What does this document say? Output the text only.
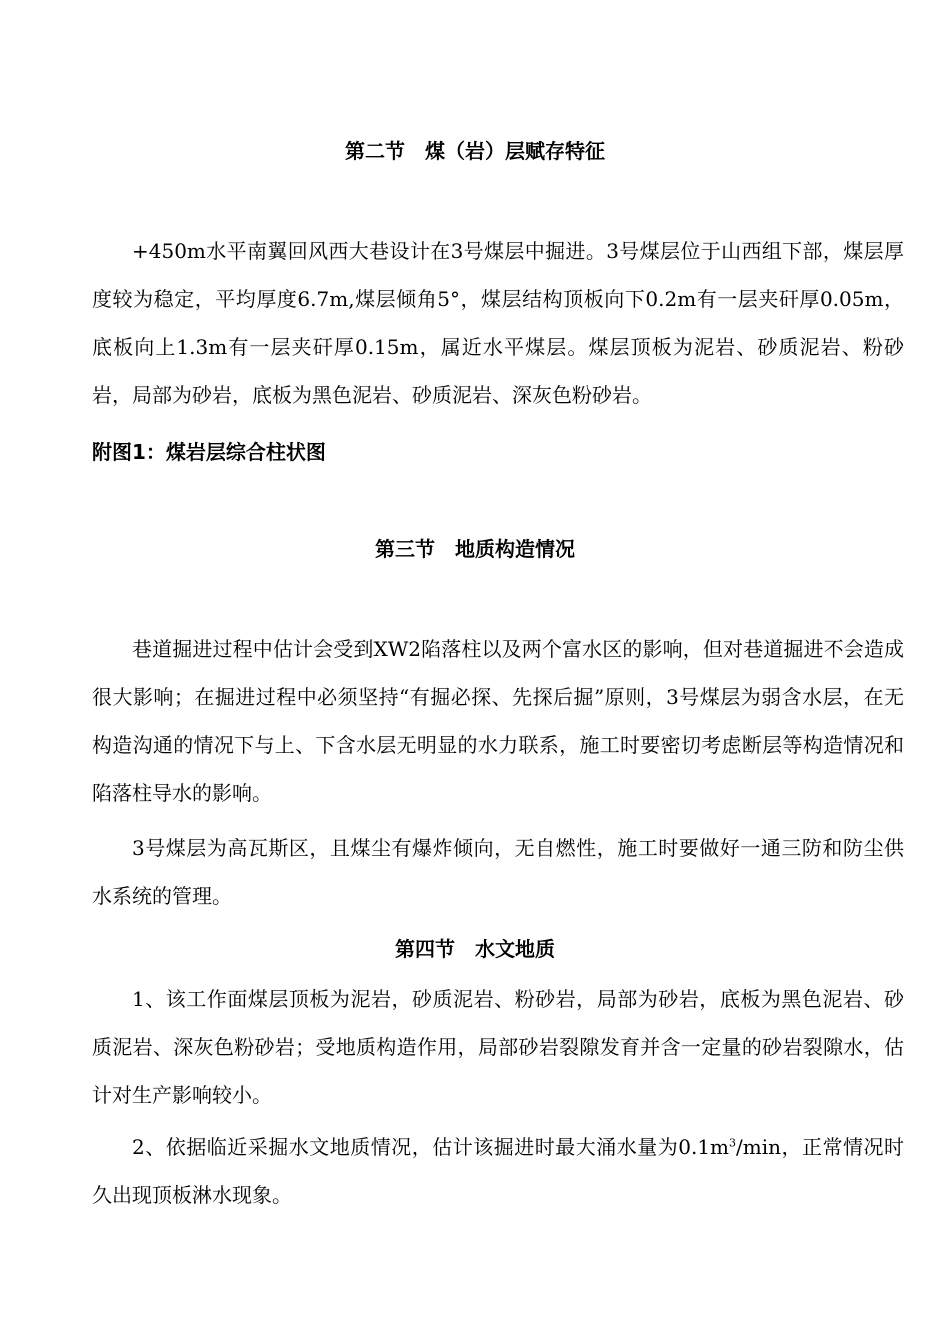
第二节　煤（岩）层赋存特征
+450m水平南翼回风西大巷设计在3号煤层中掘进。3号煤层位于山西组下部，煤层厚度较为稳定，平均厚度6.7m,煤层倾角5°，煤层结构顶板向下0.2m有一层夹矸厚0.05m，底板向上1.3m有一层夹矸厚0.15m，属近水平煤层。煤层顶板为泥岩、砂质泥岩、粉砂岩，局部为砂岩，底板为黑色泥岩、砂质泥岩、深灰色粉砂岩。
附图1：煤岩层综合柱状图
第三节　地质构造情况
巷道掘进过程中估计会受到XW2陷落柱以及两个富水区的影响，但对巷道掘进不会造成很大影响；在掘进过程中必须坚持“有掘必探、先探后掘”原则，3号煤层为弱含水层，在无构造沟通的情况下与上、下含水层无明显的水力联系，施工时要密切考虑断层等构造情况和陷落柱导水的影响。
3号煤层为高瓦斯区，且煤尘有爆炸倾向，无自燃性，施工时要做好一通三防和防尘供水系统的管理。
第四节　水文地质
1、该工作面煤层顶板为泥岩，砂质泥岩、粉砂岩，局部为砂岩，底板为黑色泥岩、砂质泥岩、深灰色粉砂岩；受地质构造作用，局部砂岩裂隙发育并含一定量的砂岩裂隙水，估计对生产影响较小。
2、依据临近采掘水文地质情况，估计该掘进时最大涌水量为$0.1m^3/\min$，正常情况时久出现顶板淋水现象。
